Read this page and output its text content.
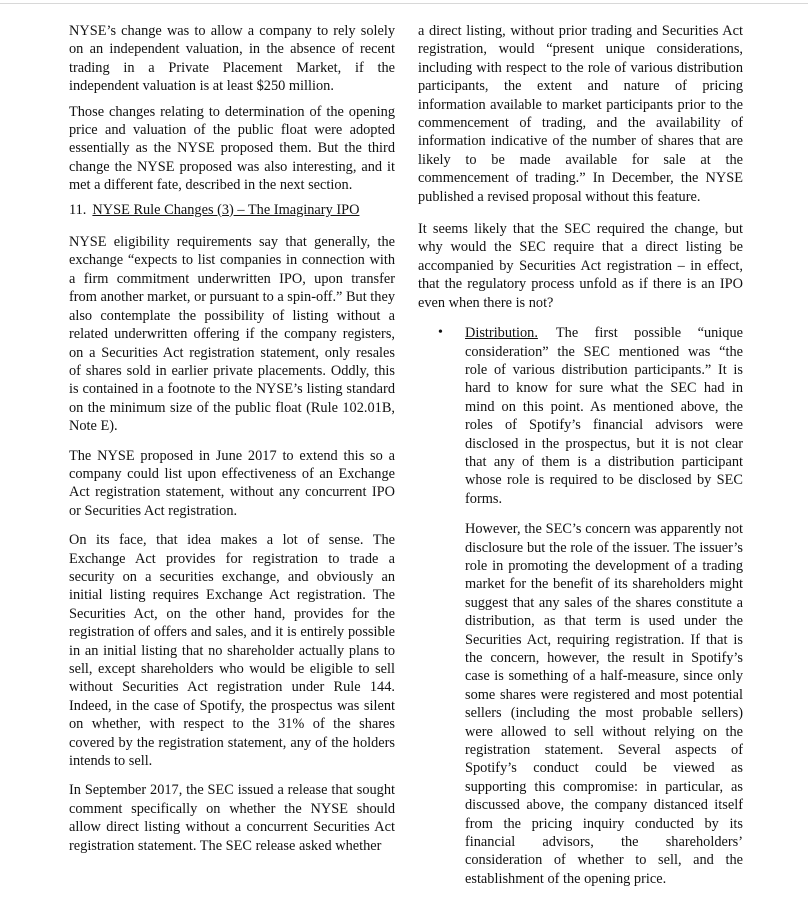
NYSE’s change was to allow a company to rely solely on an independent valuation, in the absence of recent trading in a Private Placement Market, if the independent valuation is at least $250 million.

Those changes relating to determination of the opening price and valuation of the public float were adopted essentially as the NYSE proposed them. But the third change the NYSE proposed was also interesting, and it met a different fate, described in the next section.

11. NYSE Rule Changes (3) – The Imaginary IPO

NYSE eligibility requirements say that generally, the exchange “expects to list companies in connection with a firm commitment underwritten IPO, upon transfer from another market, or pursuant to a spin-off.” But they also contemplate the possibility of listing without a related underwritten offering if the company registers, on a Securities Act registration statement, only resales of shares sold in earlier private placements. Oddly, this is contained in a footnote to the NYSE’s listing standard on the minimum size of the public float (Rule 102.01B, Note E).

The NYSE proposed in June 2017 to extend this so a company could list upon effectiveness of an Exchange Act registration statement, without any concurrent IPO or Securities Act registration.

On its face, that idea makes a lot of sense. The Exchange Act provides for registration to trade a security on a securities exchange, and obviously an initial listing requires Exchange Act registration. The Securities Act, on the other hand, provides for the registration of offers and sales, and it is entirely possible in an initial listing that no shareholder actually plans to sell, except shareholders who would be eligible to sell without Securities Act registration under Rule 144. Indeed, in the case of Spotify, the prospectus was silent on whether, with respect to the 31% of the shares covered by the registration statement, any of the holders intends to sell.

In September 2017, the SEC issued a release that sought comment specifically on whether the NYSE should allow direct listing without a concurrent Securities Act registration statement. The SEC release asked whether

a direct listing, without prior trading and Securities Act registration, would “present unique considerations, including with respect to the role of various distribution participants, the extent and nature of pricing information available to market participants prior to the commencement of trading, and the availability of information indicative of the number of shares that are likely to be made available for sale at the commencement of trading.” In December, the NYSE published a revised proposal without this feature.

It seems likely that the SEC required the change, but why would the SEC require that a direct listing be accompanied by Securities Act registration – in effect, that the regulatory process unfold as if there is an IPO even when there is not?

• Distribution. The first possible “unique consideration” the SEC mentioned was “the role of various distribution participants.” It is hard to know for sure what the SEC had in mind on this point. As mentioned above, the roles of Spotify’s financial advisors were disclosed in the prospectus, but it is not clear that any of them is a distribution participant whose role is required to be disclosed by SEC forms.

However, the SEC’s concern was apparently not disclosure but the role of the issuer. The issuer’s role in promoting the development of a trading market for the benefit of its shareholders might suggest that any sales of the shares constitute a distribution, as that term is used under the Securities Act, requiring registration. If that is the concern, however, the result in Spotify’s case is something of a half-measure, since only some shares were registered and most potential sellers (including the most probable sellers) were allowed to sell without relying on the registration statement. Several aspects of Spotify’s conduct could be viewed as supporting this compromise: in particular, as discussed above, the company distanced itself from the pricing inquiry conducted by its financial advisors, the shareholders’ consideration of whether to sell, and the establishment of the opening price.
